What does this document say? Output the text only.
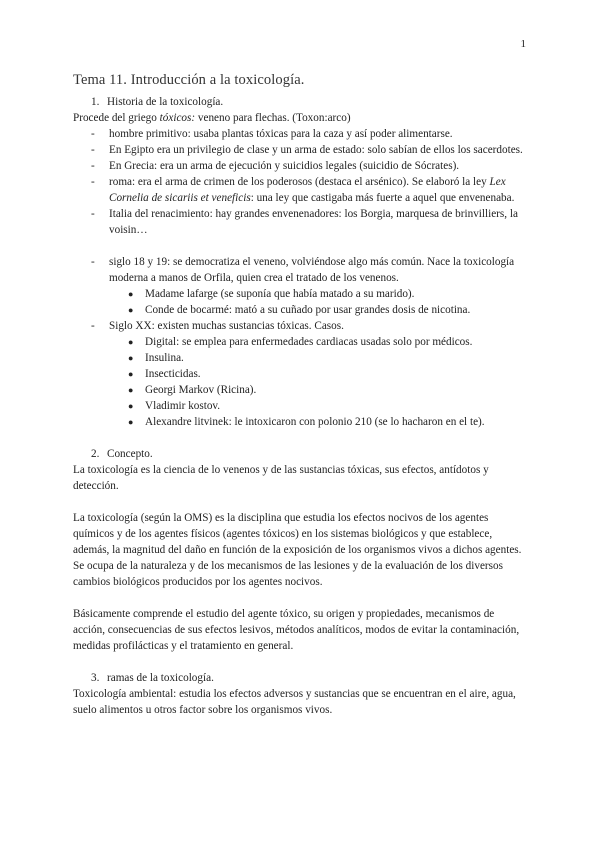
1
Tema 11. Introducción a la toxicología.
1. Historia de la toxicología.

Procede del griego tóxicos: veneno para flechas. (Toxon:arco)

- hombre primitivo: usaba plantas tóxicas para la caza y así poder alimentarse.
- En Egipto era un privilegio de clase y un arma de estado: solo sabían de ellos los sacerdotes.
- En Grecia: era un arma de ejecución y suicidios legales (suicidio de Sócrates).
- roma: era el arma de crimen de los poderosos (destaca el arsénico). Se elaboró la ley Lex Cornelia de sicariis et veneficis: una ley que castigaba más fuerte a aquel que envenenaba.
- Italia del renacimiento: hay grandes envenenadores: los Borgia, marquesa de brinvilliers, la voisin…
- siglo 18 y 19: se democratiza el veneno, volviéndose algo más común. Nace la toxicología moderna a manos de Orfila, quien crea el tratado de los venenos.
● Madame lafarge (se suponía que había matado a su marido).
● Conde de bocarmé: mató a su cuñado por usar grandes dosis de nicotina.
- Siglo XX: existen muchas sustancias tóxicas. Casos.
● Digital: se emplea para enfermedades cardiacas usadas solo por médicos.
● Insulina.
● Insecticidas.
● Georgi Markov (Ricina).
● Vladimir kostov.
● Alexandre litvinek: le intoxicaron con polonio 210 (se lo hacharon en el te).
2. Concepto.

La toxicología es la ciencia de lo venenos y de las sustancias tóxicas, sus efectos, antídotos y detección.

La toxicología (según la OMS) es la disciplina que estudia los efectos nocivos de los agentes químicos y de los agentes físicos (agentes tóxicos) en los sistemas biológicos y que establece, además, la magnitud del daño en función de la exposición de los organismos vivos a dichos agentes. Se ocupa de la naturaleza y de los mecanismos de las lesiones y de la evaluación de los diversos cambios biológicos producidos por los agentes nocivos.

Básicamente comprende el estudio del agente tóxico, su origen y propiedades, mecanismos de acción, consecuencias de sus efectos lesivos, métodos analíticos, modos de evitar la contaminación, medidas profilácticas y el tratamiento en general.

3. ramas de la toxicología.

Toxicología ambiental: estudia los efectos adversos y sustancias que se encuentran en el aire, agua, suelo alimentos u otros factor sobre los organismos vivos.
